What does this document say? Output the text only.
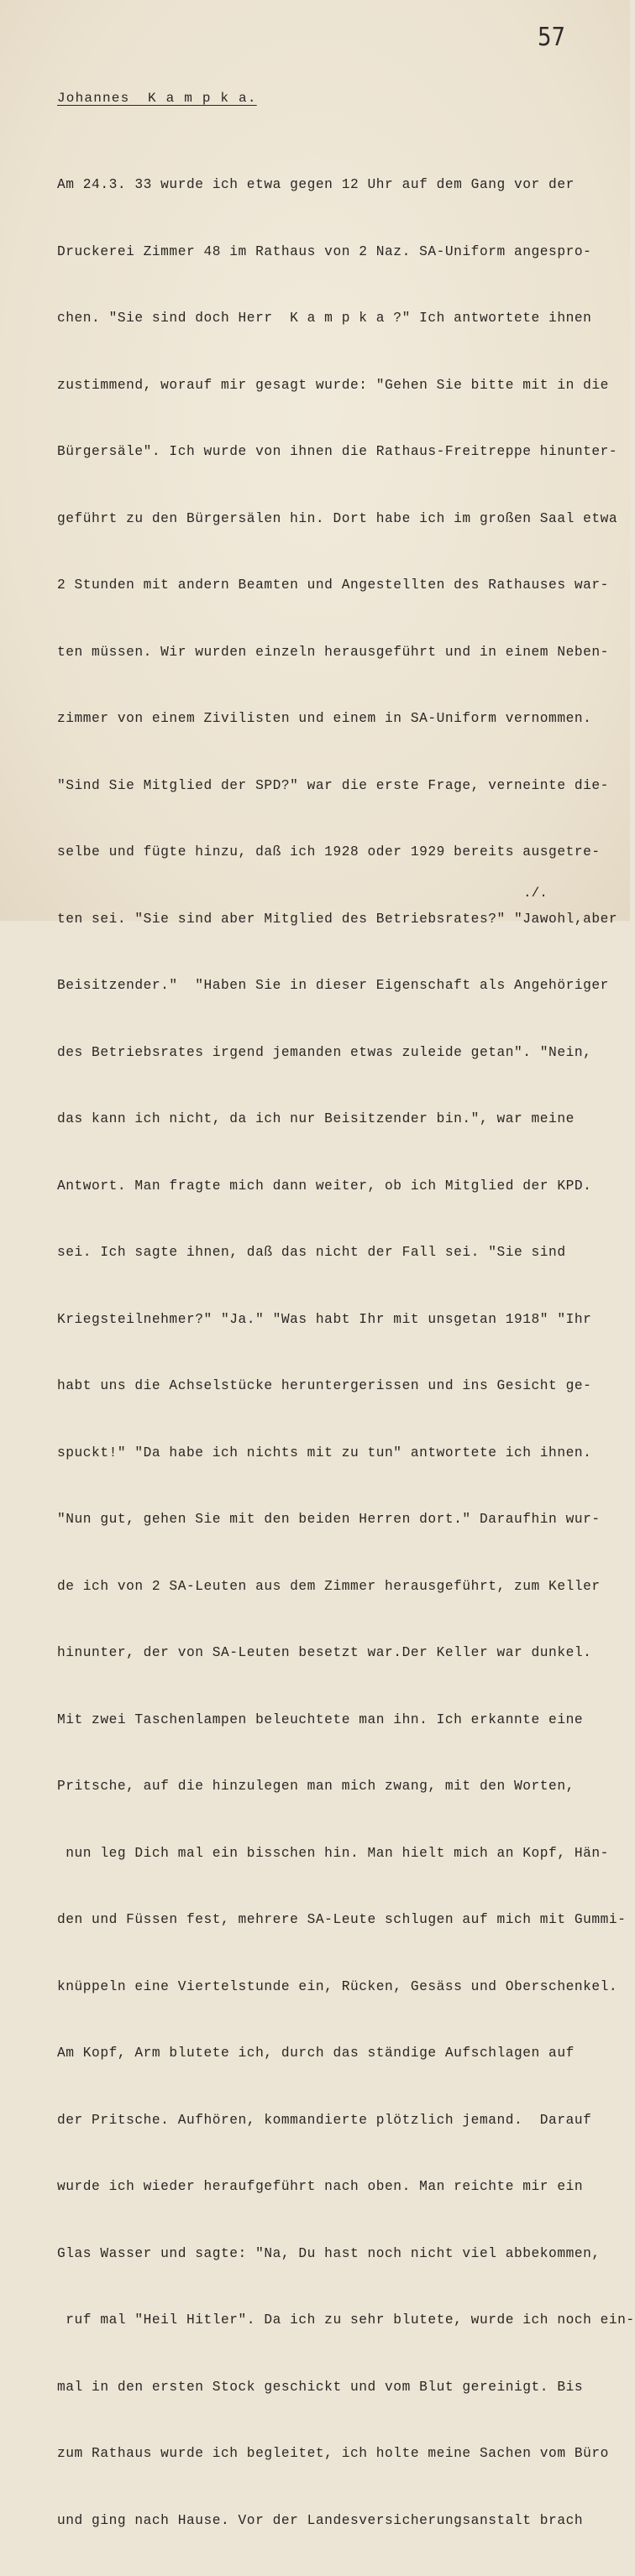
57
Johannes  K a m p k a.

Am 24.3. 33 wurde ich etwa gegen 12 Uhr auf dem Gang vor der

Druckerei Zimmer 48 im Rathaus von 2 Naz. SA-Uniform angespro-

chen. "Sie sind doch Herr  K a m p k a ?" Ich antwortete ihnen

zustimmend, worauf mir gesagt wurde: "Gehen Sie bitte mit in die

Bürgersäle". Ich wurde von ihnen die Rathaus-Freitreppe hinunter-

geführt zu den Bürgersälen hin. Dort habe ich im großen Saal etwa

2 Stunden mit andern Beamten und Angestellten des Rathauses war-

ten müssen. Wir wurden einzeln herausgeführt und in einem Neben-

zimmer von einem Zivilisten und einem in SA-Uniform vernommen.

"Sind Sie Mitglied der SPD?" war die erste Frage, verneinte die-

selbe und fügte hinzu, daß ich 1928 oder 1929 bereits ausgetre-

ten sei. "Sie sind aber Mitglied des Betriebsrates?" "Jawohl,aber

Beisitzender."  "Haben Sie in dieser Eigenschaft als Angehöriger

des Betriebsrates irgend jemanden etwas zuleide getan". "Nein,

das kann ich nicht, da ich nur Beisitzender bin.", war meine

Antwort. Man fragte mich dann weiter, ob ich Mitglied der KPD.

sei. Ich sagte ihnen, daß das nicht der Fall sei. "Sie sind

Kriegsteilnehmer?" "Ja." "Was habt Ihr mit unsgetan 1918" "Ihr

habt uns die Achselstücke heruntergerissen und ins Gesicht ge-

spuckt!" "Da habe ich nichts mit zu tun" antwortete ich ihnen.

"Nun gut, gehen Sie mit den beiden Herren dort." Daraufhin wur-

de ich von 2 SA-Leuten aus dem Zimmer herausgeführt, zum Keller

hinunter, der von SA-Leuten besetzt war.Der Keller war dunkel.

Mit zwei Taschenlampen beleuchtete man ihn. Ich erkannte eine

Pritsche, auf die hinzulegen man mich zwang, mit den Worten,

nun leg Dich mal ein bisschen hin. Man hielt mich an Kopf, Hän-

den und Füssen fest, mehrere SA-Leute schlugen auf mich mit Gummi-

knüppeln eine Viertelstunde ein, Rücken, Gesäss und Oberschenkel.

Am Kopf, Arm blutete ich, durch das ständige Aufschlagen auf

der Pritsche. Aufhören, kommandierte plötzlich jemand.  Darauf

wurde ich wieder heraufgeführt nach oben. Man reichte mir ein

Glas Wasser und sagte: "Na, Du hast noch nicht viel abbekommen,

ruf mal "Heil Hitler". Da ich zu sehr blutete, wurde ich noch ein-

mal in den ersten Stock geschickt und vom Blut gereinigt. Bis

zum Rathaus wurde ich begleitet, ich holte meine Sachen vom Büro

und ging nach Hause. Vor der Landesversicherungsanstalt brach

./.
